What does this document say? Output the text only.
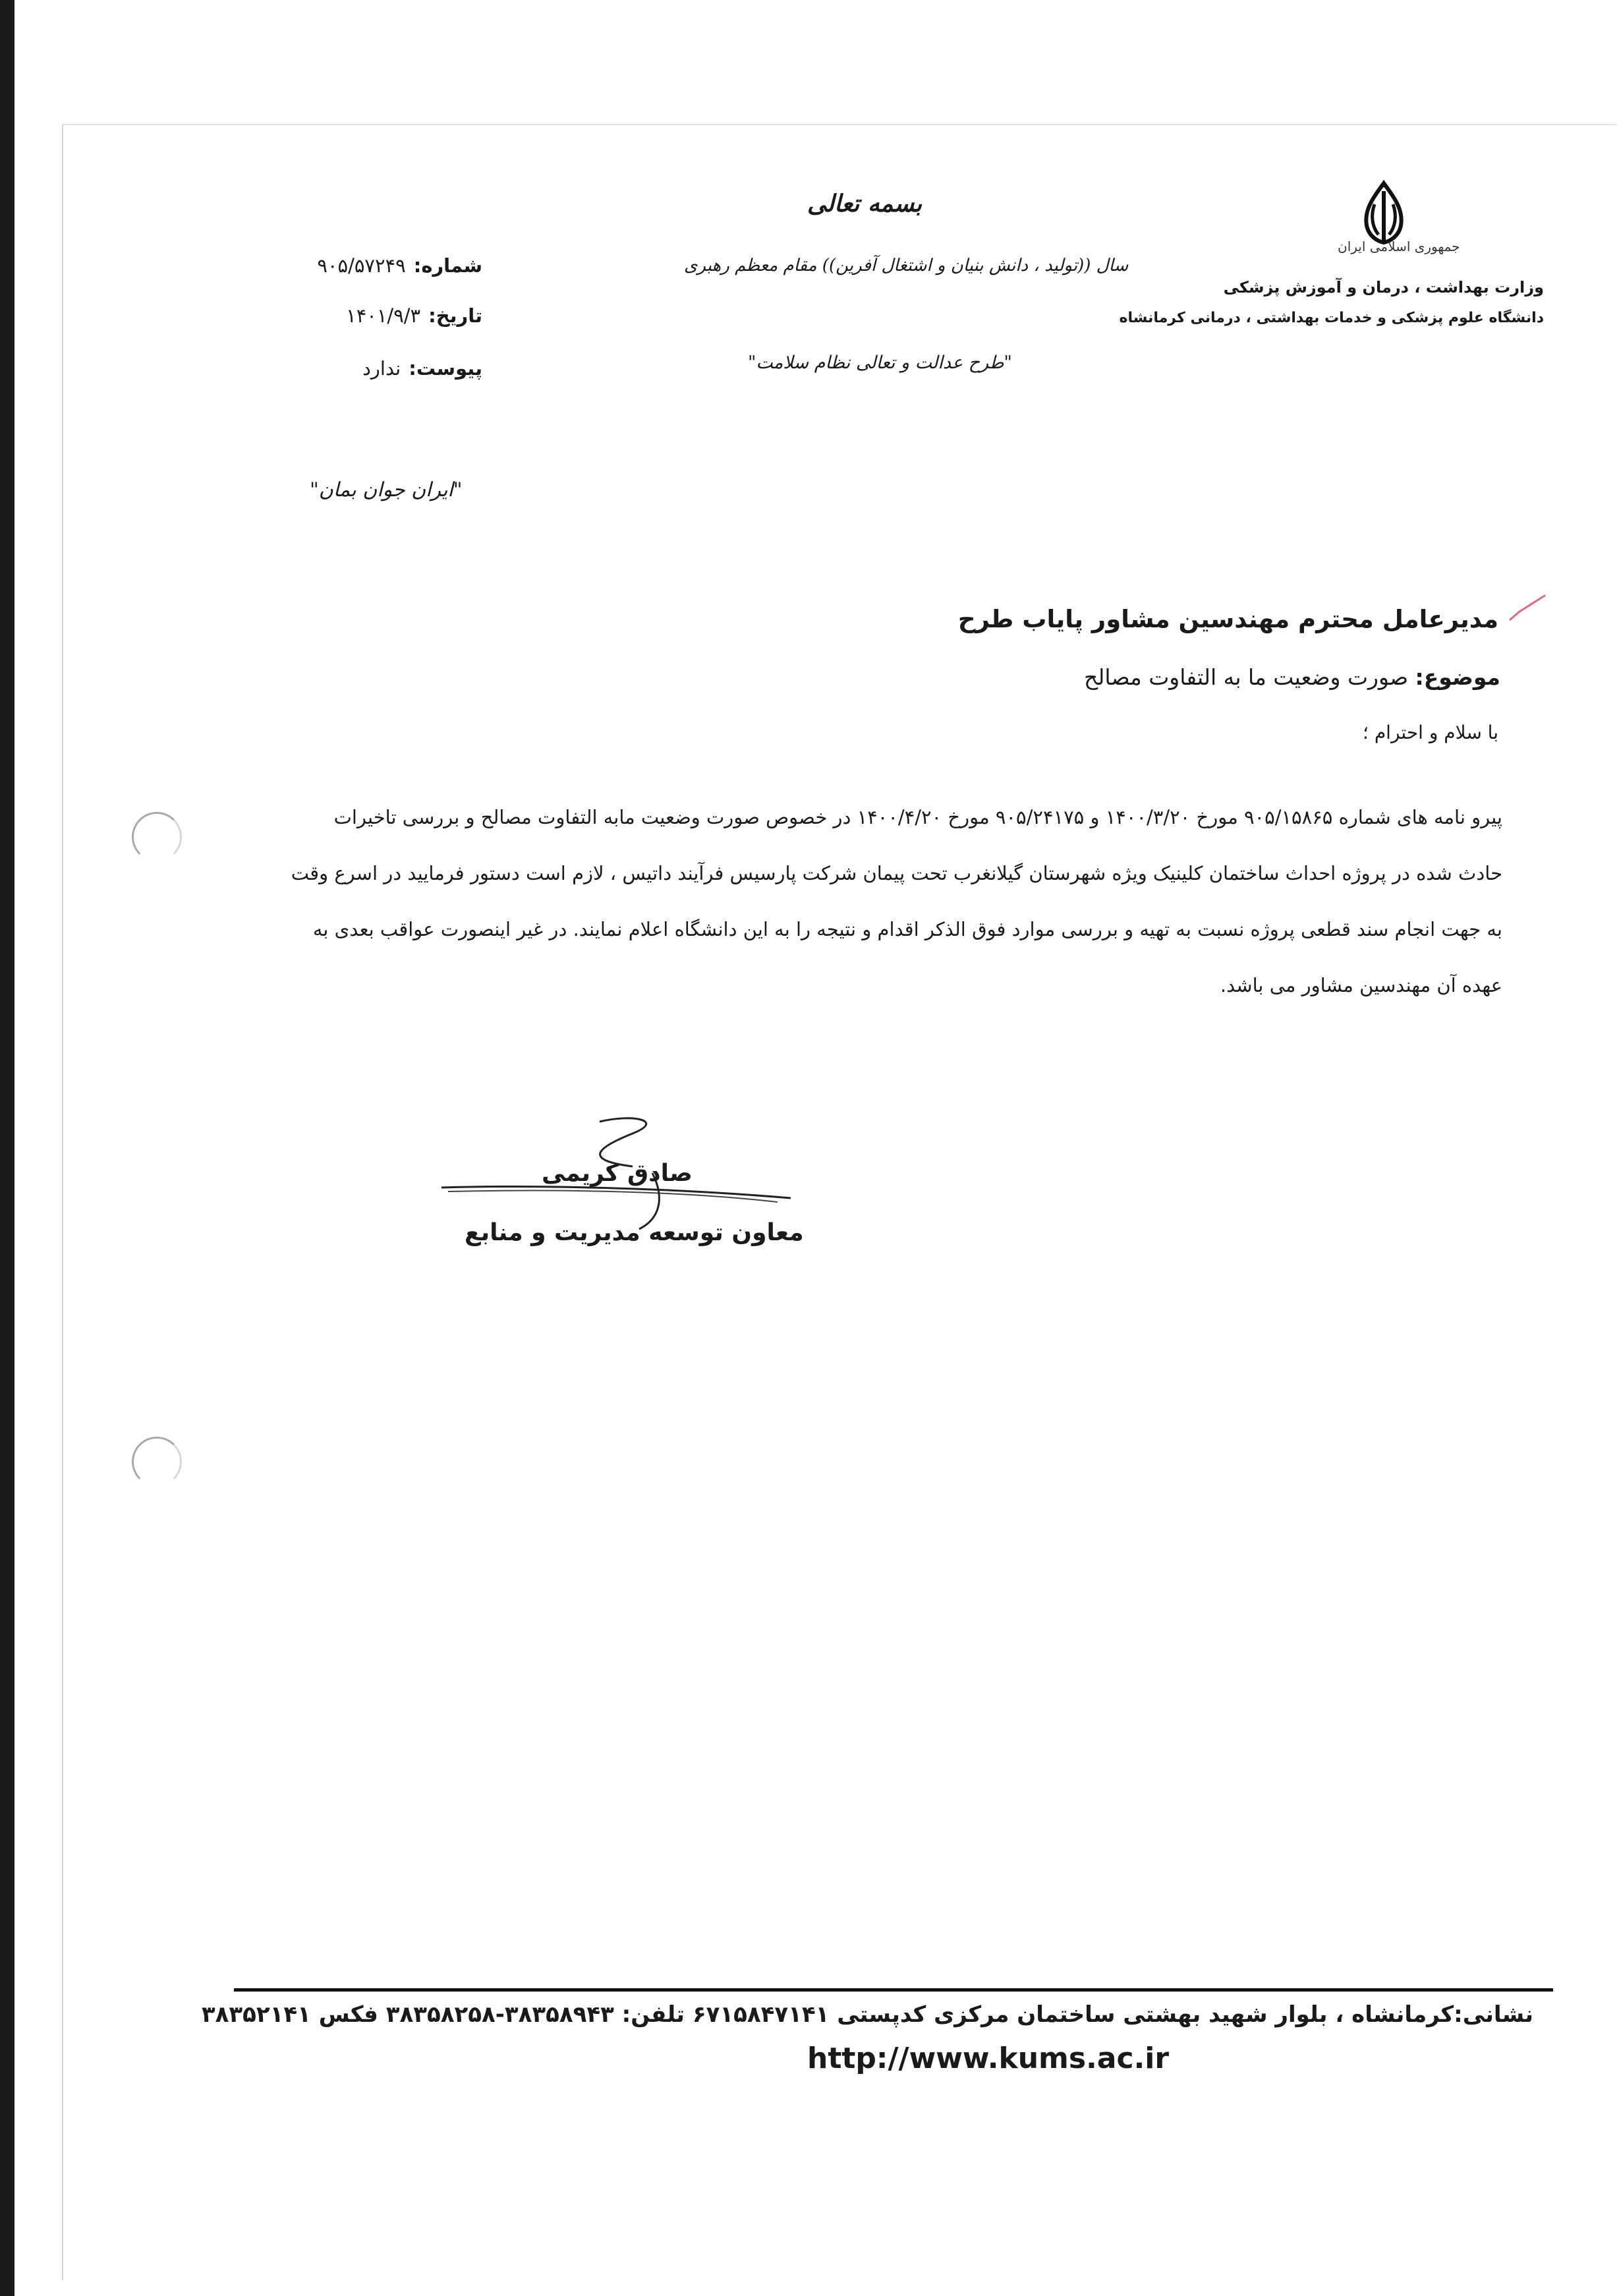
جمهوری اسلامی ایران
وزارت بهداشت ، درمان و آموزش پزشکی
دانشگاه علوم پزشکی و خدمات بهداشتی ، درمانی کرمانشاه
بسمه تعالی
سال ((تولید ، دانش بنیان و اشتغال آفرین)) مقام معظم رهبری
"طرح عدالت و تعالی نظام سلامت"
"ایران جوان بمان"
شماره:۹۰۵/۵۷۲۴۹
تاریخ:۱۴۰۱/۹/۳
پیوست:ندارد
مدیرعامل محترم مهندسین مشاور پایاب طرح
موضوع: صورت وضعیت ما به التفاوت مصالح
با سلام و احترام ؛
پیرو نامه های شماره ۹۰۵/۱۵۸۶۵ مورخ ۱۴۰۰/۳/۲۰ و ۹۰۵/۲۴۱۷۵ مورخ ۱۴۰۰/۴/۲۰ در خصوص صورت وضعیت مابه التفاوت مصالح و بررسی تاخیرات
حادث شده در پروژه احداث ساختمان کلینیک ویژه شهرستان گیلانغرب تحت پیمان شرکت پارسیس فرآیند داتیس ، لازم است دستور فرمایید در اسرع وقت
به جهت انجام سند قطعی پروژه نسبت به تهیه و بررسی موارد فوق الذکر اقدام و نتیجه را به این دانشگاه اعلام نمایند. در غیر اینصورت عواقب بعدی به
عهده آن مهندسین مشاور می باشد.
صادق کریمی
معاون توسعه مدیریت و منابع
نشانی:کرمانشاه ، بلوار شهید بهشتی ساختمان مرکزی کدپستی ۶۷۱۵۸۴۷۱۴۱ تلفن: ۳۸۳۵۸۹۴۳-۳۸۳۵۸۲۵۸ فکس ۳۸۳۵۲۱۴۱
http://www.kums.ac.ir
